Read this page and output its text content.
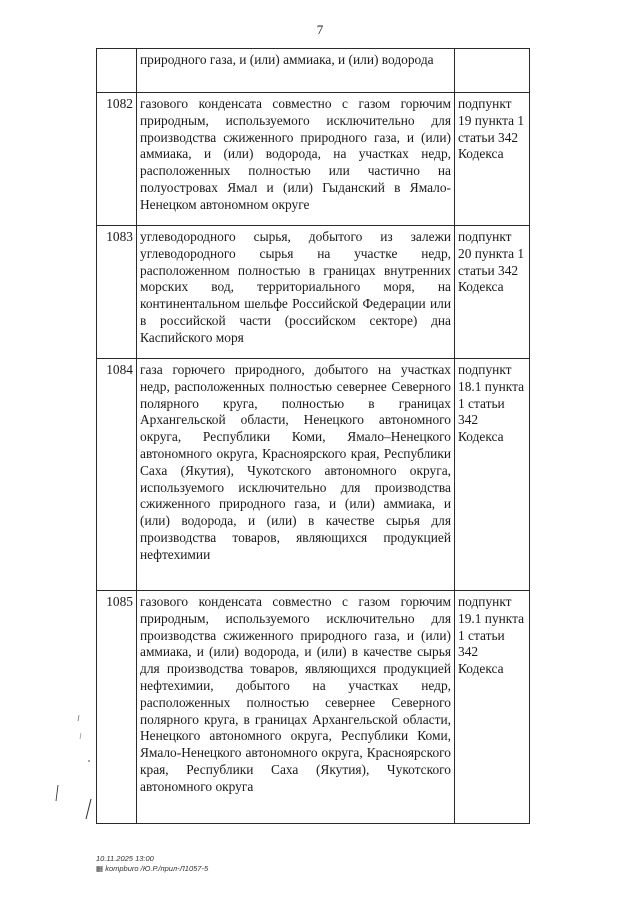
7
	природного газа, и (или) аммиака, и (или) водорода	
1082	газового конденсата совместно с газом горючим природным, используемого исключительно для производства сжиженного природного газа, и (или) аммиака, и (или) водорода, на участках недр, расположенных полностью или частично на полуостровах Ямал и (или) Гыданский в Ямало-Ненецком автономном округе	подпункт 19 пункта 1 статьи 342 Кодекса
1083	углеводородного сырья, добытого из залежи углеводородного сырья на участке недр, расположенном полностью в границах внутренних морских вод, территориального моря, на континентальном шельфе Российской Федерации или в российской части (российском секторе) дна Каспийского моря	подпункт 20 пункта 1 статьи 342 Кодекса
1084	газа горючего природного, добытого на участках недр, расположенных полностью севернее Северного полярного круга, полностью в границах Архангельской области, Ненецкого автономного округа, Республики Коми, Ямало–Ненецкого автономного округа, Красноярского края, Республики Саха (Якутия), Чукотского автономного округа, используемого исключительно для производства сжиженного природного газа, и (или) аммиака, и (или) водорода, и (или) в качестве сырья для производства товаров, являющихся продукцией нефтехимии	подпункт 18.1 пункта 1 статьи 342 Кодекса
1085	газового конденсата совместно с газом горючим природным, используемого исключительно для производства сжиженного природного газа, и (или) аммиака, и (или) водорода, и (или) в качестве сырья для производства товаров, являющихся продукцией нефтехимии, добытого на участках недр, расположенных полностью севернее Северного полярного круга, в границах Архангельской области, Ненецкого автономного округа, Республики Коми, Ямало-Ненецкого автономного округа, Красноярского края, Республики Саха (Якутия), Чукотского автономного округа	подпункт 19.1 пункта 1 статьи 342 Кодекса
10.11.2025 13:00
▦ kompburo /Ю.Р./прил-Л1057-5
